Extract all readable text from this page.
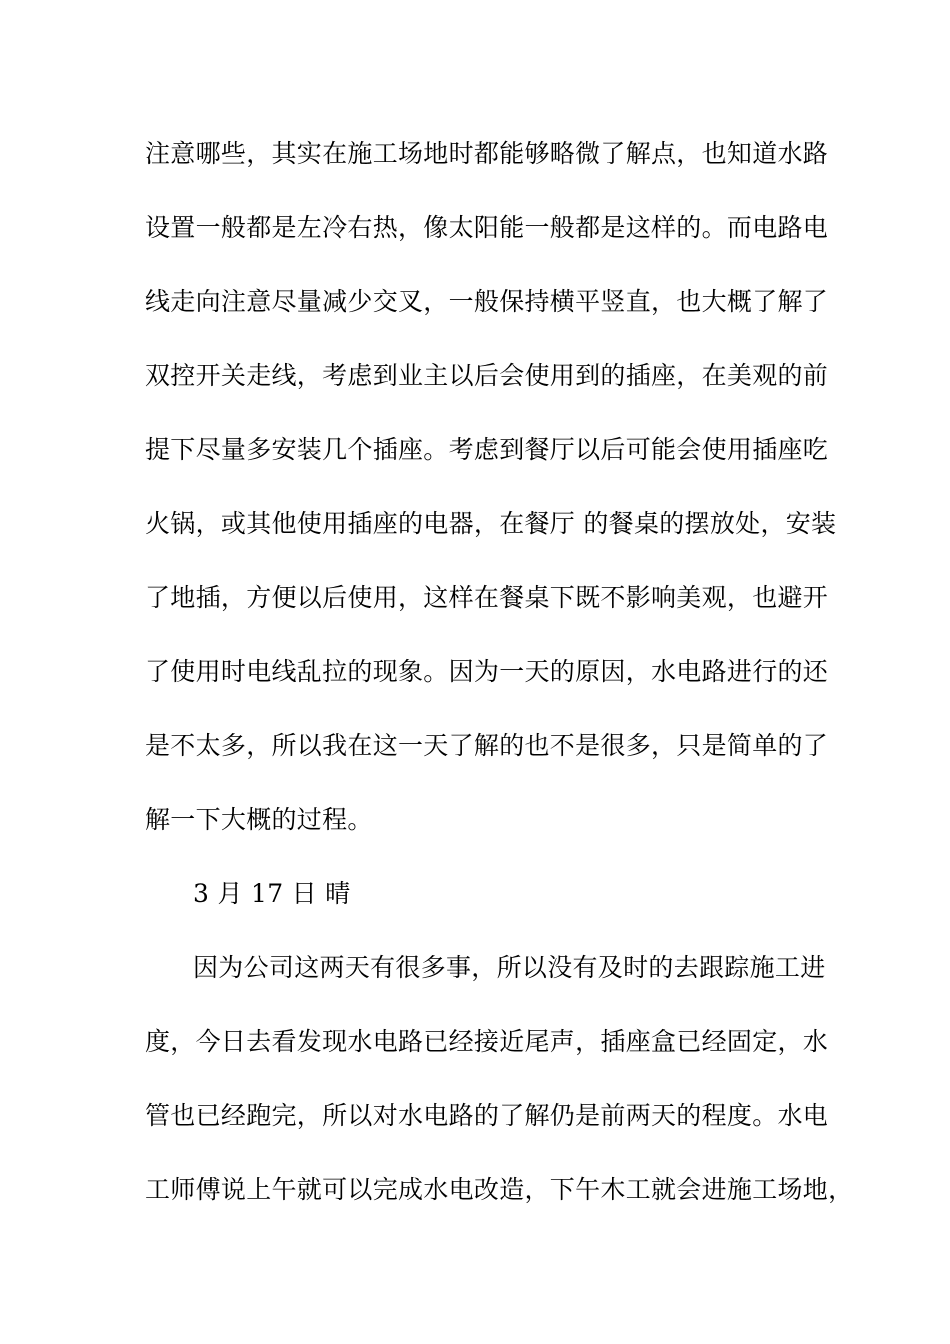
注意哪些，其实在施工场地时都能够略微了解点，也知道水路
设置一般都是左冷右热，像太阳能一般都是这样的。而电路电
线走向注意尽量减少交叉，一般保持横平竖直，也大概了解了
双控开关走线，考虑到业主以后会使用到的插座，在美观的前
提下尽量多安装几个插座。考虑到餐厅以后可能会使用插座吃
火锅，或其他使用插座的电器，在餐厅 的餐桌的摆放处，安装
了地插，方便以后使用，这样在餐桌下既不影响美观，也避开
了使用时电线乱拉的现象。因为一天的原因，水电路进行的还
是不太多，所以我在这一天了解的也不是很多，只是简单的了
解一下大概的过程。
3 月 17 日 晴
因为公司这两天有很多事，所以没有及时的去跟踪施工进
度，今日去看发现水电路已经接近尾声，插座盒已经固定，水
管也已经跑完，所以对水电路的了解仍是前两天的程度。水电
工师傅说上午就可以完成水电改造，下午木工就会进施工场地，
